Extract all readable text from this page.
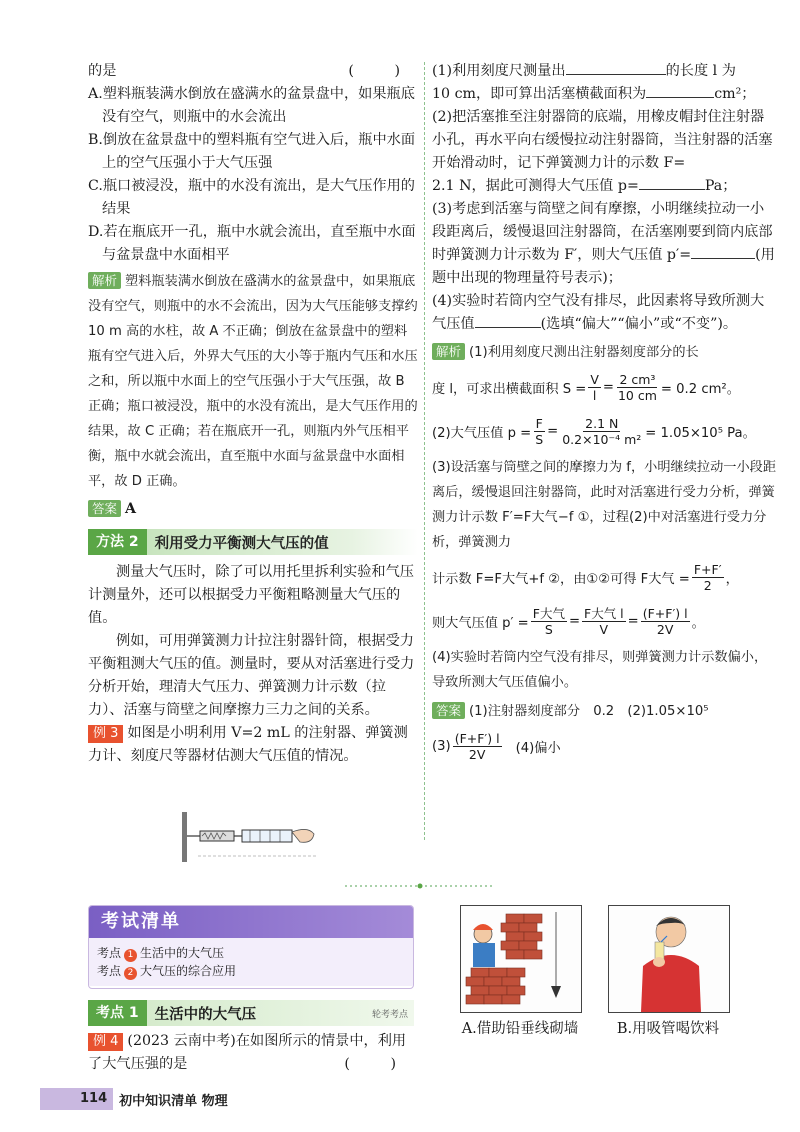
的是	( )
A.塑料瓶装满水倒放在盛满水的盆景盘中，如果瓶底没有空气，则瓶中的水会流出
B.倒放在盆景盘中的塑料瓶有空气进入后，瓶中水面上的空气压强小于大气压强
C.瓶口被浸没，瓶中的水没有流出，是大气压作用的结果
D.若在瓶底开一孔，瓶中水就会流出，直至瓶中水面与盆景盘中水面相平
解析 塑料瓶装满水倒放在盛满水的盆景盘中，如果瓶底没有空气，则瓶中的水不会流出，因为大气压能够支撑约 10 m 高的水柱，故 A 不正确；倒放在盆景盘中的塑料瓶有空气进入后，外界大气压的大小等于瓶内气压和水压之和，所以瓶中水面上的空气压强小于大气压强，故 B 正确；瓶口被浸没，瓶中的水没有流出，是大气压作用的结果，故 C 正确；若在瓶底开一孔，则瓶内外气压相平衡，瓶中水就会流出，直至瓶中水面与盆景盘中水面相平，故 D 正确。
答案 A
方法 2	利用受力平衡测大气压的值

测量大气压时，除了可以用托里拆利实验和气压计测量外，还可以根据受力平衡粗略测量大气压的值。

例如，可用弹簧测力计拉注射器针筒，根据受力平衡粗测大气压的值。测量时，要从对活塞进行受力分析开始，理清大气压力、弹簧测力计示数（拉力）、活塞与筒壁之间摩擦力三力之间的关系。

例 3 如图是小明利用 V=2 mL 的注射器、弹簧测力计、刻度尺等器材估测大气压值的情况。

(1)利用刻度尺测量出	的长度 l 为
10 cm，即可算出活塞横截面积为	cm²；
(2)把活塞推至注射器筒的底端，用橡皮帽封住注射器小孔，再水平向右缓慢拉动注射器筒，当注射器的活塞开始滑动时，记下弹簧测力计的示数 F=
2.1 N，据此可测得大气压值 p=	Pa；
(3)考虑到活塞与筒壁之间有摩擦，小明继续拉动一小段距离后，缓慢退回注射器筒，在活塞刚要到筒内底部时弹簧测力计示数为 F′，则大气压值 p′=	(用题中出现的物理量符号表示)；
(4)实验时若筒内空气没有排尽，此因素将导致所测大气压值	(选填“偏大”“偏小”或“不变”)。
解析 (1)利用刻度尺测出注射器刻度部分的长
度 l，可求出横截面积 $S = \frac{V}{l} = \frac{\text{2 cm³}}{10 cm} = 0.2$ cm²。
(2)大气压值 $p = \frac{F}{S} = \frac{2.1 N}{\text{0.2×10⁻⁴ m²}} = 1.05\times 10^5$ Pa。
(3)设活塞与筒壁之间的摩擦力为 f，小明继续拉动一小段距离后，缓慢退回注射器筒，此时对活塞进行受力分析，弹簧测力计示数 F′=F大气−f ①，过程(2)中对活塞进行受力分析，弹簧测力
计示数 F=F大气+f ②，由①②可得 F大气 = $\frac{F+F'}{2}$ ，
则大气压值 $p' = \frac{\text{F大气}}{S} = \frac{\text{F大气 l}}{V} = \frac{(F+F') l}{2V}$ 。
(4)实验时若筒内空气没有排尽，则弹簧测力计示数偏小，导致所测大气压值偏小。
答案 (1)注射器刻度部分　0.2　(2)1.05×10⁵
$(3) \frac{(F+F') l}{2V} (4)$偏小
考试清单
考点 1 生活中的大气压
考点 2 大气压的综合应用
考点 1	生活中的大气压	轮考考点
例 4 (2023 云南中考)在如图所示的情景中，利用了大气压强的是	( )
A.借助铅垂线砌墙	B.用吸管喝饮料
114 初中知识清单 物理
